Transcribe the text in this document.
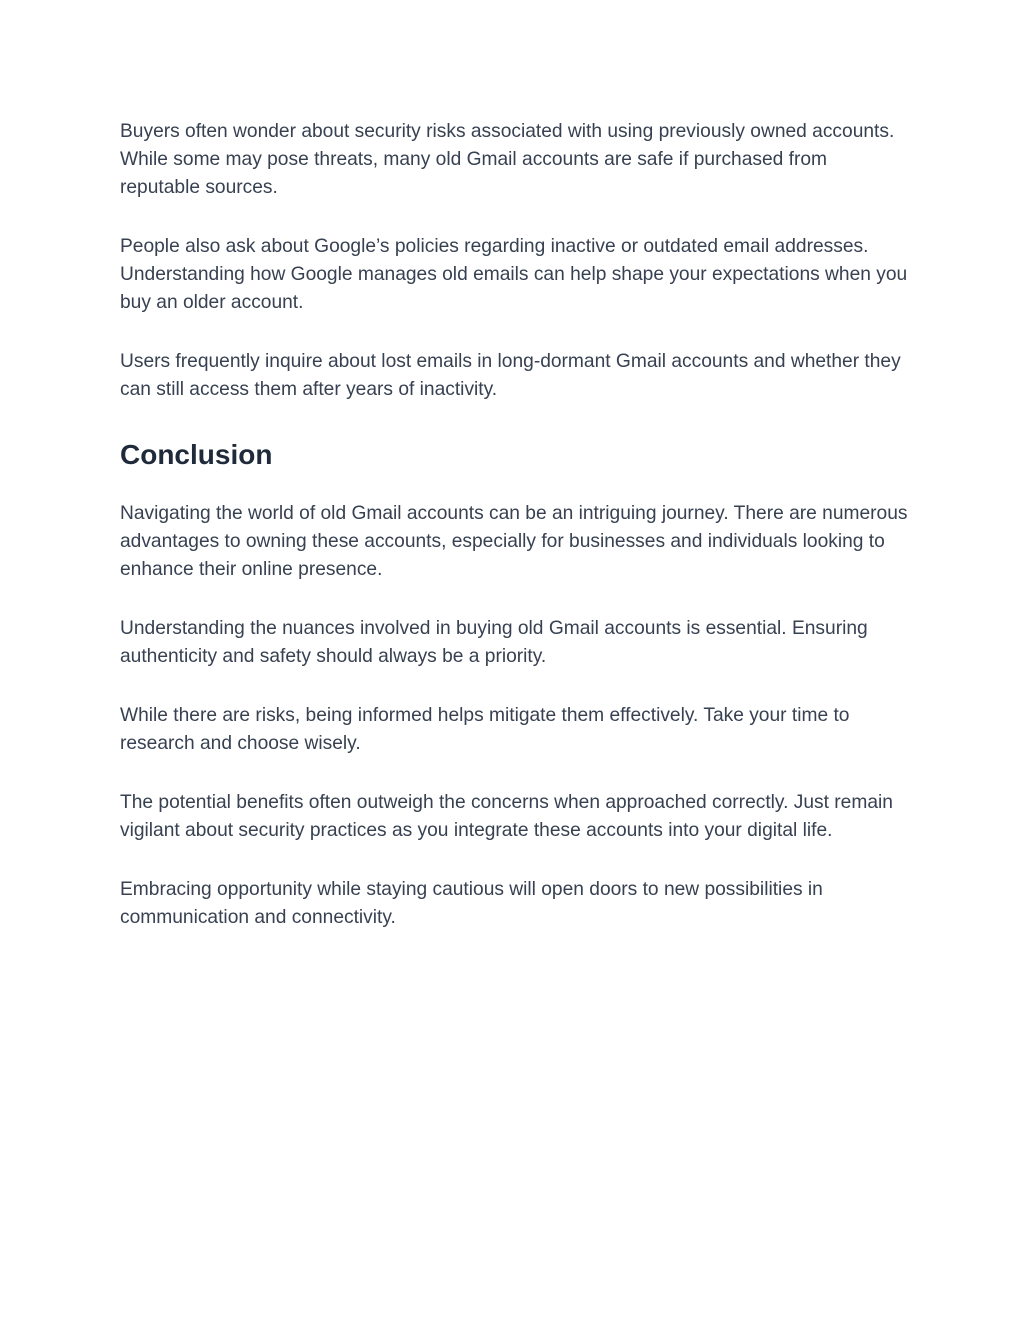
Buyers often wonder about security risks associated with using previously owned accounts. While some may pose threats, many old Gmail accounts are safe if purchased from reputable sources.

People also ask about Google’s policies regarding inactive or outdated email addresses. Understanding how Google manages old emails can help shape your expectations when you buy an older account.

Users frequently inquire about lost emails in long-dormant Gmail accounts and whether they can still access them after years of inactivity.

Conclusion

Navigating the world of old Gmail accounts can be an intriguing journey. There are numerous advantages to owning these accounts, especially for businesses and individuals looking to enhance their online presence.

Understanding the nuances involved in buying old Gmail accounts is essential. Ensuring authenticity and safety should always be a priority.

While there are risks, being informed helps mitigate them effectively. Take your time to research and choose wisely.

The potential benefits often outweigh the concerns when approached correctly. Just remain vigilant about security practices as you integrate these accounts into your digital life.

Embracing opportunity while staying cautious will open doors to new possibilities in communication and connectivity.
